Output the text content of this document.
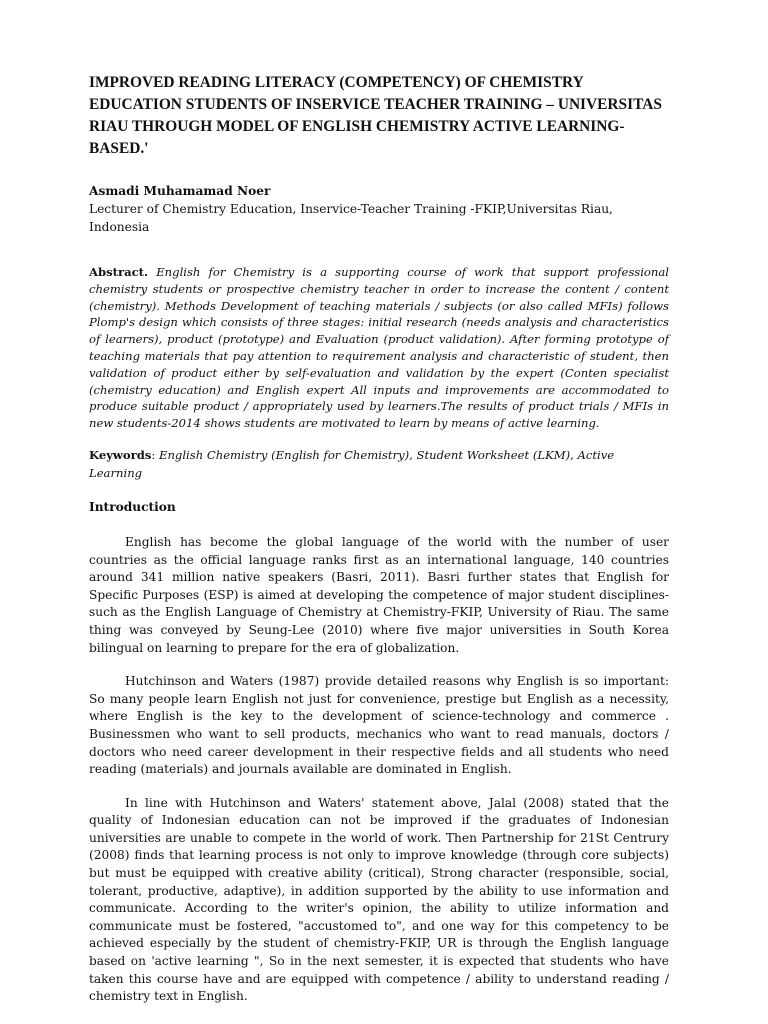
IMPROVED READING LITERACY (COMPETENCY) OF CHEMISTRY EDUCATION STUDENTS OF INSERVICE TEACHER TRAINING – UNIVERSITAS RIAU THROUGH MODEL OF ENGLISH CHEMISTRY ACTIVE LEARNING-BASED.'

Asmadi Muhamamad Noer

Lecturer of Chemistry Education, Inservice-Teacher Training -FKIP,Universitas Riau, Indonesia

Abstract. English for Chemistry is a supporting course of work that support professional chemistry students or prospective chemistry teacher in order to increase the content / content (chemistry). Methods Development of teaching materials / subjects (or also called MFIs) follows Plomp's design which consists of three stages: initial research (needs analysis and characteristics of learners), product (prototype) and Evaluation (product validation). After forming prototype of teaching materials that pay attention to requirement analysis and characteristic of student, then validation of product either by self-evaluation and validation by the expert (Conten specialist (chemistry education) and English expert All inputs and improvements are accommodated to produce suitable product / appropriately used by learners.The results of product trials / MFIs in new students-2014 shows students are motivated to learn by means of active learning.

Keywords: English Chemistry (English for Chemistry), Student Worksheet (LKM), Active Learning

Introduction

English has become the global language of the world with the number of user countries as the official language ranks first as an international language, 140 countries around 341 million native speakers (Basri, 2011). Basri further states that English for Specific Purposes (ESP) is aimed at developing the competence of major student disciplines-such as the English Language of Chemistry at Chemistry-FKIP, University of Riau. The same thing was conveyed by Seung-Lee (2010) where five major universities in South Korea bilingual on learning to prepare for the era of globalization.

Hutchinson and Waters (1987) provide detailed reasons why English is so important: So many people learn English not just for convenience, prestige but English as a necessity, where English is the key to the development of science-technology and commerce . Businessmen who want to sell products, mechanics who want to read manuals, doctors / doctors who need career development in their respective fields and all students who need reading (materials) and journals available are dominated in English.

In line with Hutchinson and Waters' statement above, Jalal (2008) stated that the quality of Indonesian education can not be improved if the graduates of Indonesian universities are unable to compete in the world of work. Then Partnership for 21St Centrury (2008) finds that learning process is not only to improve knowledge (through core subjects) but must be equipped with creative ability (critical), Strong character (responsible, social, tolerant, productive, adaptive), in addition supported by the ability to use information and communicate. According to the writer's opinion, the ability to utilize information and communicate must be fostered, "accustomed to", and one way for this competency to be achieved especially by the student of chemistry-FKIP, UR is through the English language based on 'active learning ", So in the next semester, it is expected that students who have taken this course have and are equipped with competence / ability to understand reading / chemistry text in English.
